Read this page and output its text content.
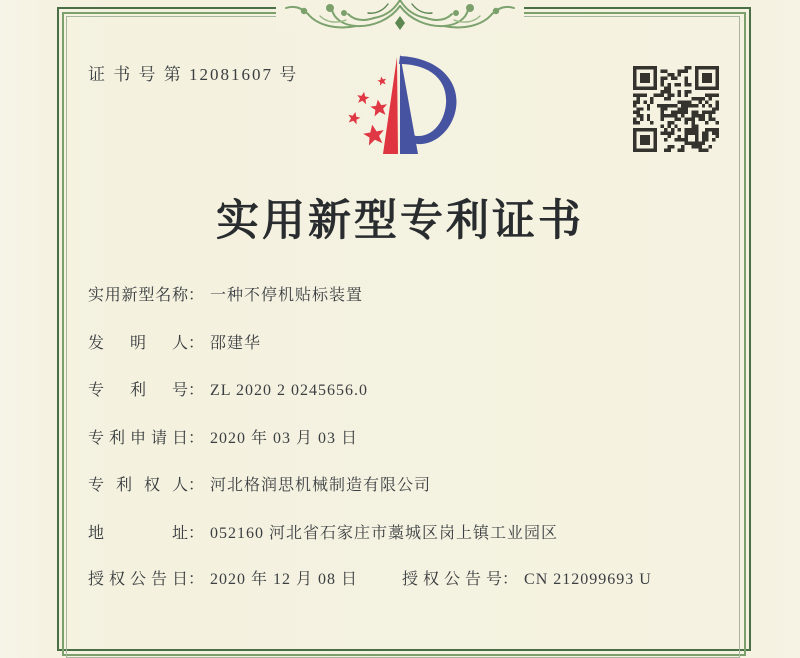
证 书 号 第 12081607 号
实用新型专利证书
实用新型名称： 一种不停机贴标装置
发明人： 邵建华
专利号： ZL 2020 2 0245656.0
专利申请日： 2020 年 03 月 03 日
专利权人： 河北格润思机械制造有限公司
地址： 052160 河北省石家庄市藁城区岗上镇工业园区
授权公告日： 2020 年 12 月 08 日	授权公告号： CN 212099693 U
